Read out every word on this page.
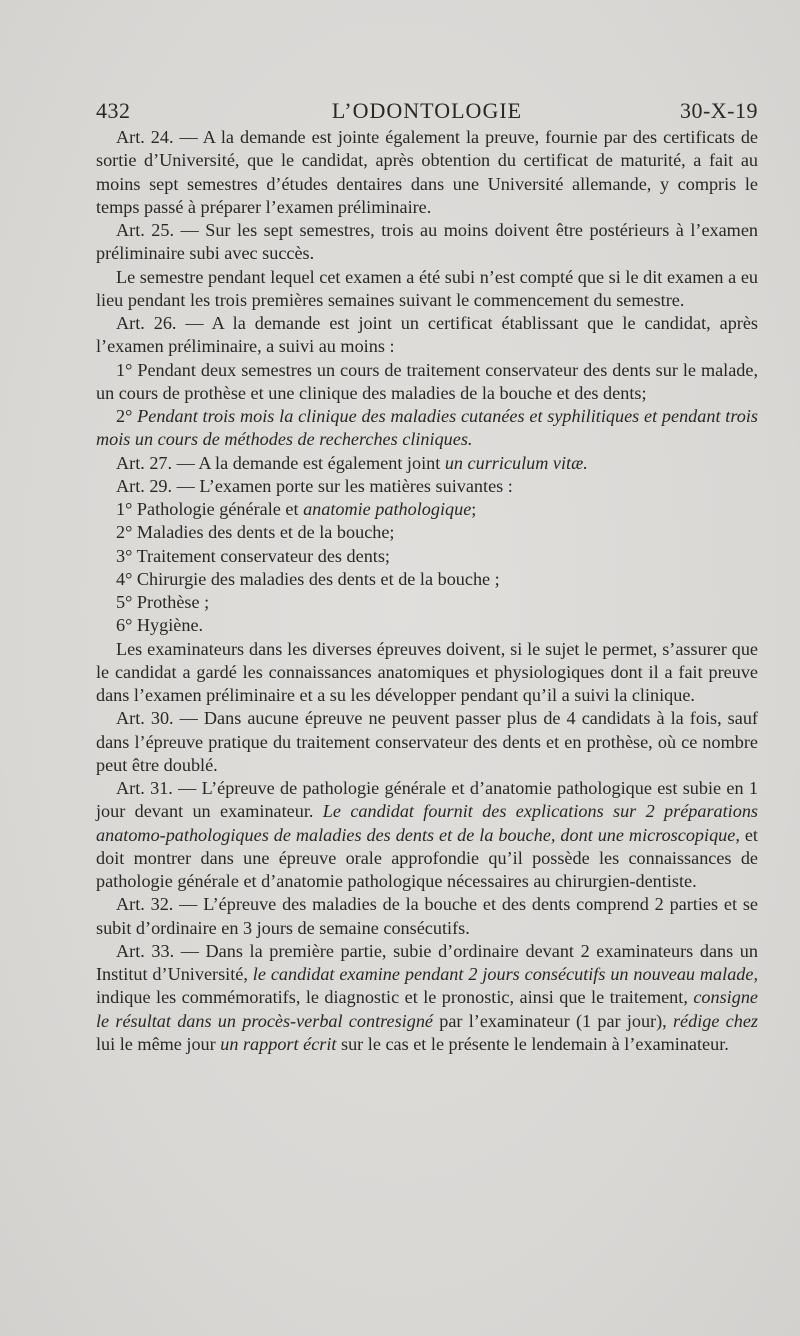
432	L’ODONTOLOGIE	30-X-19

Art. 24. — A la demande est jointe également la preuve, fournie par des certificats de sortie d’Université, que le candidat, après obtention du certificat de maturité, a fait au moins sept semestres d’études dentaires dans une Université allemande, y compris le temps passé à préparer l’examen préliminaire.

Art. 25. — Sur les sept semestres, trois au moins doivent être postérieurs à l’examen préliminaire subi avec succès.

Le semestre pendant lequel cet examen a été subi n’est compté que si le dit examen a eu lieu pendant les trois premières semaines suivant le commencement du semestre.

Art. 26. — A la demande est joint un certificat établissant que le candidat, après l’examen préliminaire, a suivi au moins :

1° Pendant deux semestres un cours de traitement conservateur des dents sur le malade, un cours de prothèse et une clinique des maladies de la bouche et des dents;

2° Pendant trois mois la clinique des maladies cutanées et syphilitiques et pendant trois mois un cours de méthodes de recherches cliniques.

Art. 27. — A la demande est également joint un curriculum vitæ.

Art. 29. — L’examen porte sur les matières suivantes :

1° Pathologie générale et anatomie pathologique;

2° Maladies des dents et de la bouche;

3° Traitement conservateur des dents;

4° Chirurgie des maladies des dents et de la bouche ;

5° Prothèse ;

6° Hygiène.

Les examinateurs dans les diverses épreuves doivent, si le sujet le permet, s’assurer que le candidat a gardé les connaissances anatomiques et physiologiques dont il a fait preuve dans l’examen préliminaire et a su les développer pendant qu’il a suivi la clinique.

Art. 30. — Dans aucune épreuve ne peuvent passer plus de 4 candidats à la fois, sauf dans l’épreuve pratique du traitement conservateur des dents et en prothèse, où ce nombre peut être doublé.

Art. 31. — L’épreuve de pathologie générale et d’anatomie pathologique est subie en 1 jour devant un examinateur. Le candidat fournit des explications sur 2 préparations anatomo-pathologiques de maladies des dents et de la bouche, dont une microscopique, et doit montrer dans une épreuve orale approfondie qu’il possède les connaissances de pathologie générale et d’anatomie pathologique nécessaires au chirurgien-dentiste.

Art. 32. — L’épreuve des maladies de la bouche et des dents comprend 2 parties et se subit d’ordinaire en 3 jours de semaine consécutifs.

Art. 33. — Dans la première partie, subie d’ordinaire devant 2 examinateurs dans un Institut d’Université, le candidat examine pendant 2 jours consécutifs un nouveau malade, indique les commémoratifs, le diagnostic et le pronostic, ainsi que le traitement, consigne le résultat dans un procès-verbal contresigné par l’examinateur (1 par jour), rédige chez lui le même jour un rapport écrit sur le cas et le présente le lendemain à l’examinateur.
